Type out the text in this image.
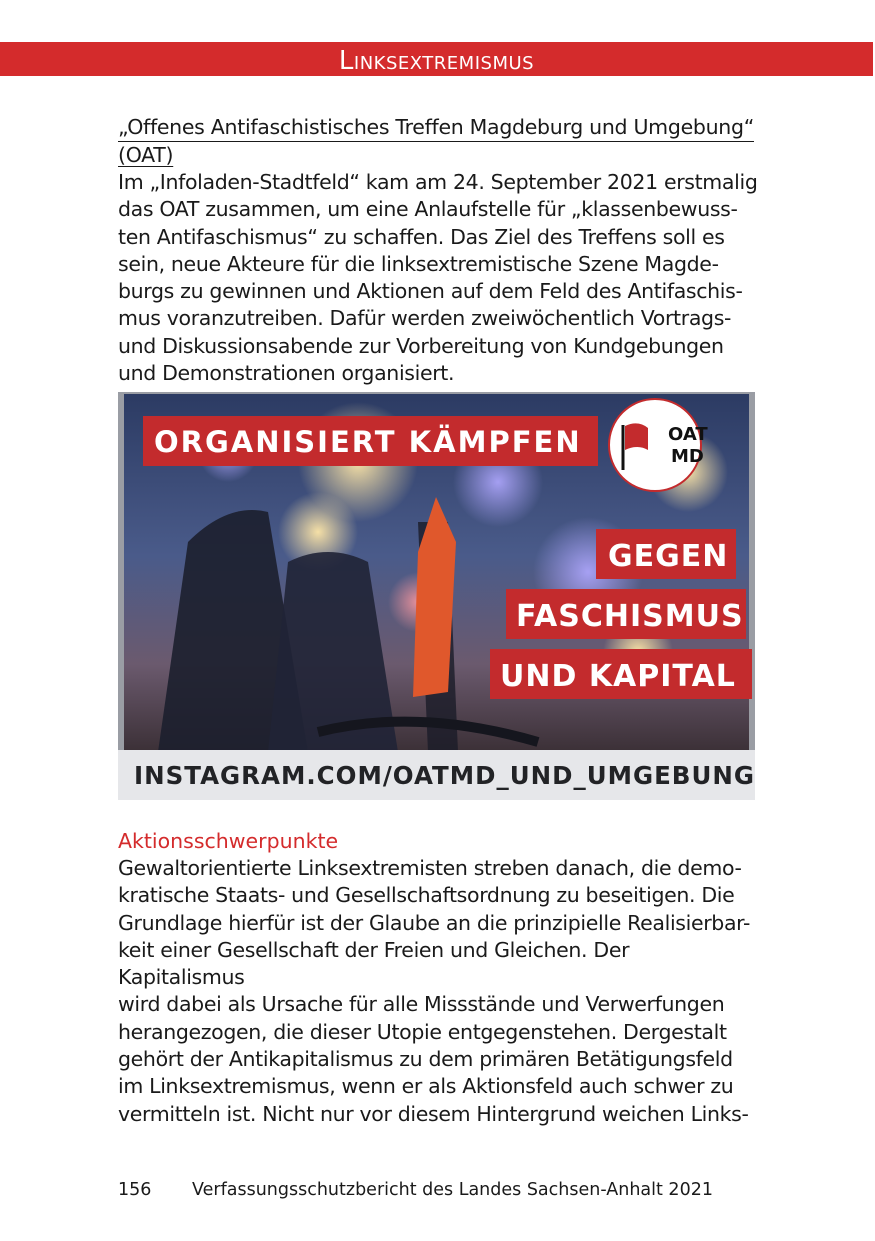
Linksextremismus
„Offenes Antifaschistisches Treffen Magdeburg und Umgebung“
(OAT)

Im „Infoladen-Stadtfeld“ kam am 24. September 2021 erstmalig

das OAT zusammen, um eine Anlaufstelle für „klassenbewuss-

ten Antifaschismus“ zu schaffen. Das Ziel des Treffens soll es

sein, neue Akteure für die linksextremistische Szene Magde-

burgs zu gewinnen und Aktionen auf dem Feld des Antifaschis-

mus voranzutreiben. Dafür werden zweiwöchentlich Vortrags-

und Diskussionsabende zur Vorbereitung von Kundgebungen

und Demonstrationen organisiert.

ORGANISIERT KÄMPFEN
GEGEN
FASCHISMUS
UND KAPITAL
OAT
MD
INSTAGRAM.COM/OATMD_UND_UMGEBUNG
Aktionsschwerpunkte

Gewaltorientierte Linksextremisten streben danach, die demo-

kratische Staats- und Gesellschaftsordnung zu beseitigen. Die

Grundlage hierfür ist der Glaube an die prinzipielle Realisierbar-

keit einer Gesellschaft der Freien und Gleichen. Der Kapitalismus

wird dabei als Ursache für alle Missstände und Verwerfungen

herangezogen, die dieser Utopie entgegenstehen. Dergestalt

gehört der Antikapitalismus zu dem primären Betätigungsfeld

im Linksextremismus, wenn er als Aktionsfeld auch schwer zu

vermitteln ist. Nicht nur vor diesem Hintergrund weichen Links-

156 Verfassungsschutzbericht des Landes Sachsen-Anhalt 2021
